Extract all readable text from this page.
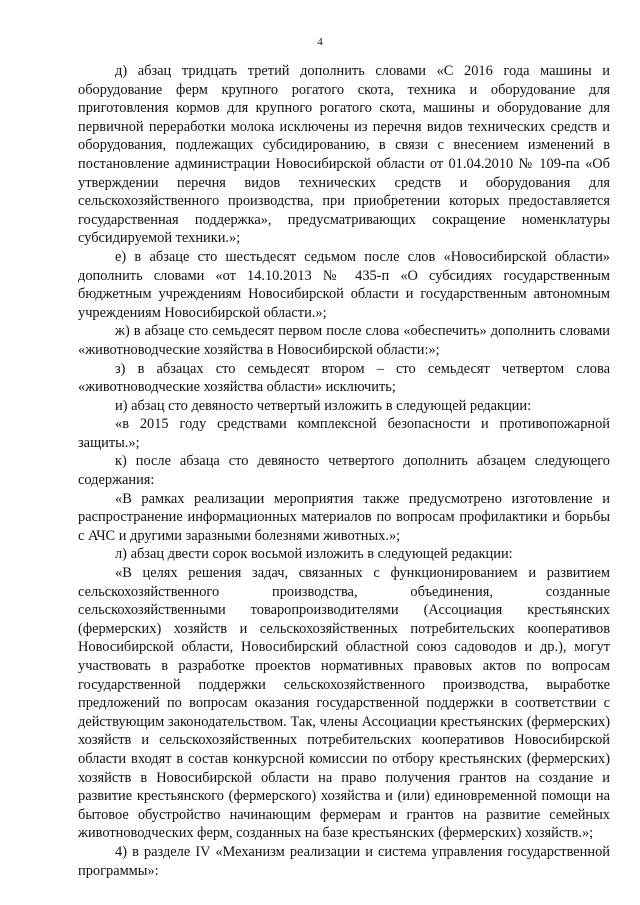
4

д) абзац тридцать третий дополнить словами «С 2016 года машины и оборудование ферм крупного рогатого скота, техника и оборудование для приготовления кормов для крупного рогатого скота, машины и оборудование для первичной переработки молока исключены из перечня видов технических средств и оборудования, подлежащих субсидированию, в связи с внесением изменений в постановление администрации Новосибирской области от 01.04.2010 № 109-па «Об утверждении перечня видов технических средств и оборудования для сельскохозяйственного производства, при приобретении которых предоставляется государственная поддержка», предусматривающих сокращение номенклатуры субсидируемой техники.»;

е) в абзаце сто шестьдесят седьмом после слов «Новосибирской области» дополнить словами «от 14.10.2013 № 435-п «О субсидиях государственным бюджетным учреждениям Новосибирской области и государственным автономным учреждениям Новосибирской области.»;

ж) в абзаце сто семьдесят первом после слова «обеспечить» дополнить словами «животноводческие хозяйства в Новосибирской области:»;

з) в абзацах сто семьдесят втором – сто семьдесят четвертом слова «животноводческие хозяйства области» исключить;

и) абзац сто девяносто четвертый изложить в следующей редакции:

«в 2015 году средствами комплексной безопасности и противопожарной защиты.»;

к) после абзаца сто девяносто четвертого дополнить абзацем следующего содержания:

«В рамках реализации мероприятия также предусмотрено изготовление и распространение информационных материалов по вопросам профилактики и борьбы с АЧС и другими заразными болезнями животных.»;

л) абзац двести сорок восьмой изложить в следующей редакции:

«В целях решения задач, связанных с функционированием и развитием сельскохозяйственного производства, объединения, созданные сельскохозяйственными товаропроизводителями (Ассоциация крестьянских (фермерских) хозяйств и сельскохозяйственных потребительских кооперативов Новосибирской области, Новосибирский областной союз садоводов и др.), могут участвовать в разработке проектов нормативных правовых актов по вопросам государственной поддержки сельскохозяйственного производства, выработке предложений по вопросам оказания государственной поддержки в соответствии с действующим законодательством. Так, члены Ассоциации крестьянских (фермерских) хозяйств и сельскохозяйственных потребительских кооперативов Новосибирской области входят в состав конкурсной комиссии по отбору крестьянских (фермерских) хозяйств в Новосибирской области на право получения грантов на создание и развитие крестьянского (фермерского) хозяйства и (или) единовременной помощи на бытовое обустройство начинающим фермерам и грантов на развитие семейных животноводческих ферм, созданных на базе крестьянских (фермерских) хозяйств.»;

4) в разделе IV «Механизм реализации и система управления государственной программы»:
